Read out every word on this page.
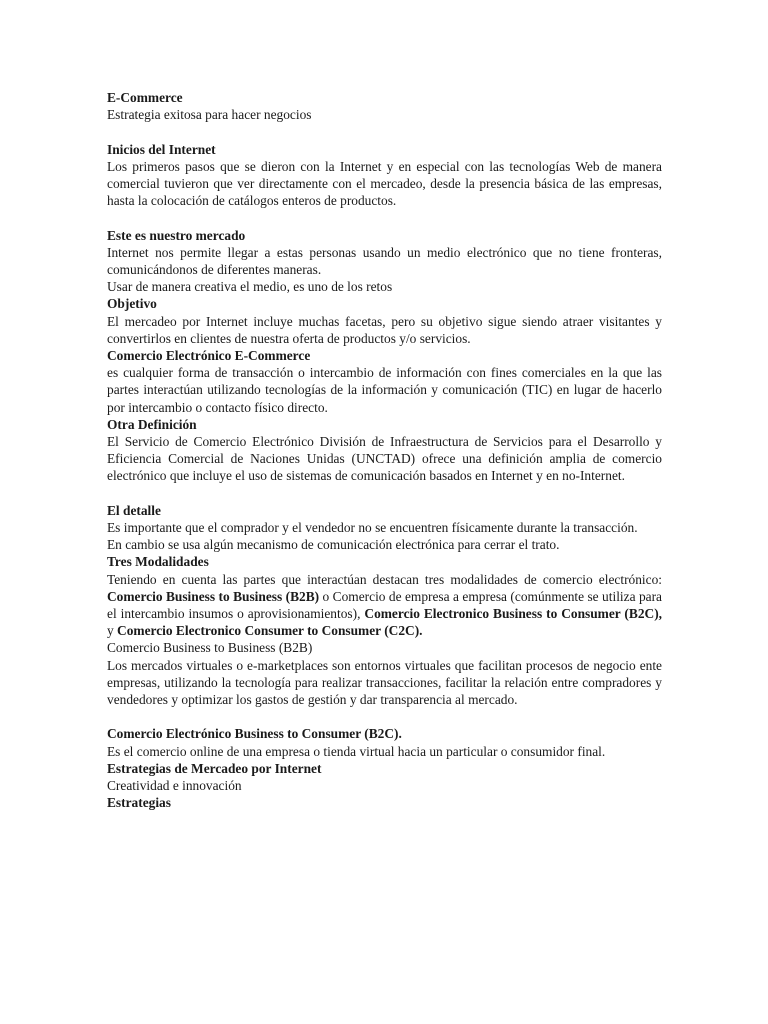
E-Commerce

Estrategia exitosa para hacer negocios

Inicios del Internet

Los primeros pasos que se dieron con la Internet y en especial con las tecnologías Web de manera comercial tuvieron que ver directamente con el mercadeo, desde la presencia básica de las empresas, hasta la colocación de catálogos enteros de productos.

Este es nuestro mercado

Internet nos permite llegar a estas personas usando un medio electrónico que no tiene fronteras, comunicándonos de diferentes maneras.

Usar de manera creativa el medio, es uno de los retos

Objetivo

El mercadeo por Internet incluye muchas facetas, pero su objetivo sigue siendo atraer visitantes y convertirlos en clientes de nuestra oferta de productos y/o servicios.

Comercio Electrónico E-Commerce

es cualquier forma de transacción o intercambio de información con fines comerciales en la que las partes interactúan utilizando tecnologías de la información y comunicación (TIC) en lugar de hacerlo por intercambio o contacto físico directo.

Otra Definición

El Servicio de Comercio Electrónico División de Infraestructura de Servicios para el Desarrollo y Eficiencia Comercial de Naciones Unidas (UNCTAD) ofrece una definición amplia de comercio electrónico que incluye el uso de sistemas de comunicación basados en Internet y en no-Internet.

El detalle

Es importante que el comprador y el vendedor no se encuentren físicamente durante la transacción.

En cambio se usa algún mecanismo de comunicación electrónica para cerrar el trato.

Tres Modalidades

Teniendo en cuenta las partes que interactúan destacan tres modalidades de comercio electrónico: Comercio Business to Business (B2B) o Comercio de empresa a empresa (comúnmente se utiliza para el intercambio insumos o aprovisionamientos), Comercio Electronico Business to Consumer (B2C), y Comercio Electronico Consumer to Consumer (C2C).

Comercio Business to Business (B2B)

Los mercados virtuales o e-marketplaces son entornos virtuales que facilitan procesos de negocio ente empresas, utilizando la tecnología para realizar transacciones, facilitar la relación entre compradores y vendedores y optimizar los gastos de gestión y dar transparencia al mercado.

Comercio Electrónico Business to Consumer (B2C).

Es el comercio online de una empresa o tienda virtual hacia un particular o consumidor final.

Estrategias de Mercadeo por Internet

Creatividad e innovación

Estrategias
